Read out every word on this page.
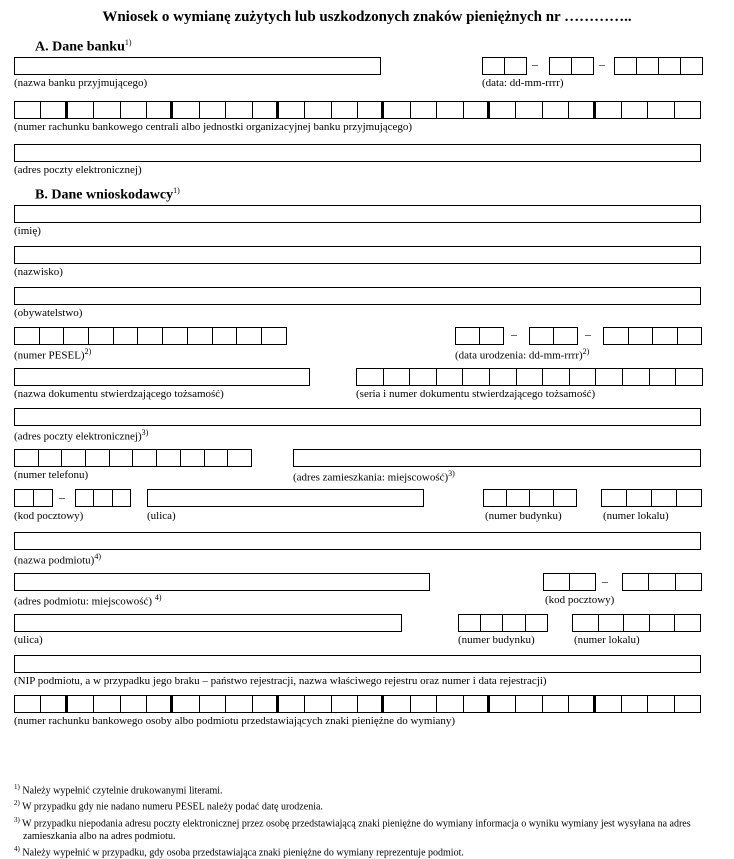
Wniosek o wymianę zużytych lub uszkodzonych znaków pieniężnych nr …………..
A. Dane banku$^{1)}$
(nazwa banku przyjmującego)
–	–
(data: dd-mm-rrrr)
(numer rachunku bankowego centrali albo jednostki organizacyjnej banku przyjmującego)
(adres poczty elektronicznej)
B. Dane wnioskodawcy$^{1)}$
(imię)
(nazwisko)
(obywatelstwo)
(numer PESEL)$^{2)}$
–	–
(data urodzenia: dd-mm-rrrr)$^{2)}$
(nazwa dokumentu stwierdzającego tożsamość)	(seria i numer dokumentu stwierdzającego tożsamość)
(adres poczty elektronicznej)$^{3)}$
(numer telefonu)	(adres zamieszkania: miejscowość)$^{3)}$
–
(kod pocztowy)	(ulica)	(numer budynku)	(numer lokalu)
(nazwa podmiotu)$^{4)}$
(adres podmiotu: miejscowość) $^{4)}$
–
(kod pocztowy)
(ulica)	(numer budynku)	(numer lokalu)
(NIP podmiotu, a w przypadku jego braku – państwo rejestracji, nazwa właściwego rejestru oraz numer i data rejestracji)
(numer rachunku bankowego osoby albo podmiotu przedstawiających znaki pieniężne do wymiany)
$^{1)}$ Należy wypełnić czytelnie drukowanymi literami.
$^{2)}$ W przypadku gdy nie nadano numeru PESEL należy podać datę urodzenia.
$^{3)}$ W przypadku niepodania adresu poczty elektronicznej przez osobę przedstawiającą znaki pieniężne do wymiany informacja o wyniku wymiany jest wysyłana na adres zamieszkania albo na adres podmiotu.
$^{4)}$ Należy wypełnić w przypadku, gdy osoba przedstawiająca znaki pieniężne do wymiany reprezentuje podmiot.
